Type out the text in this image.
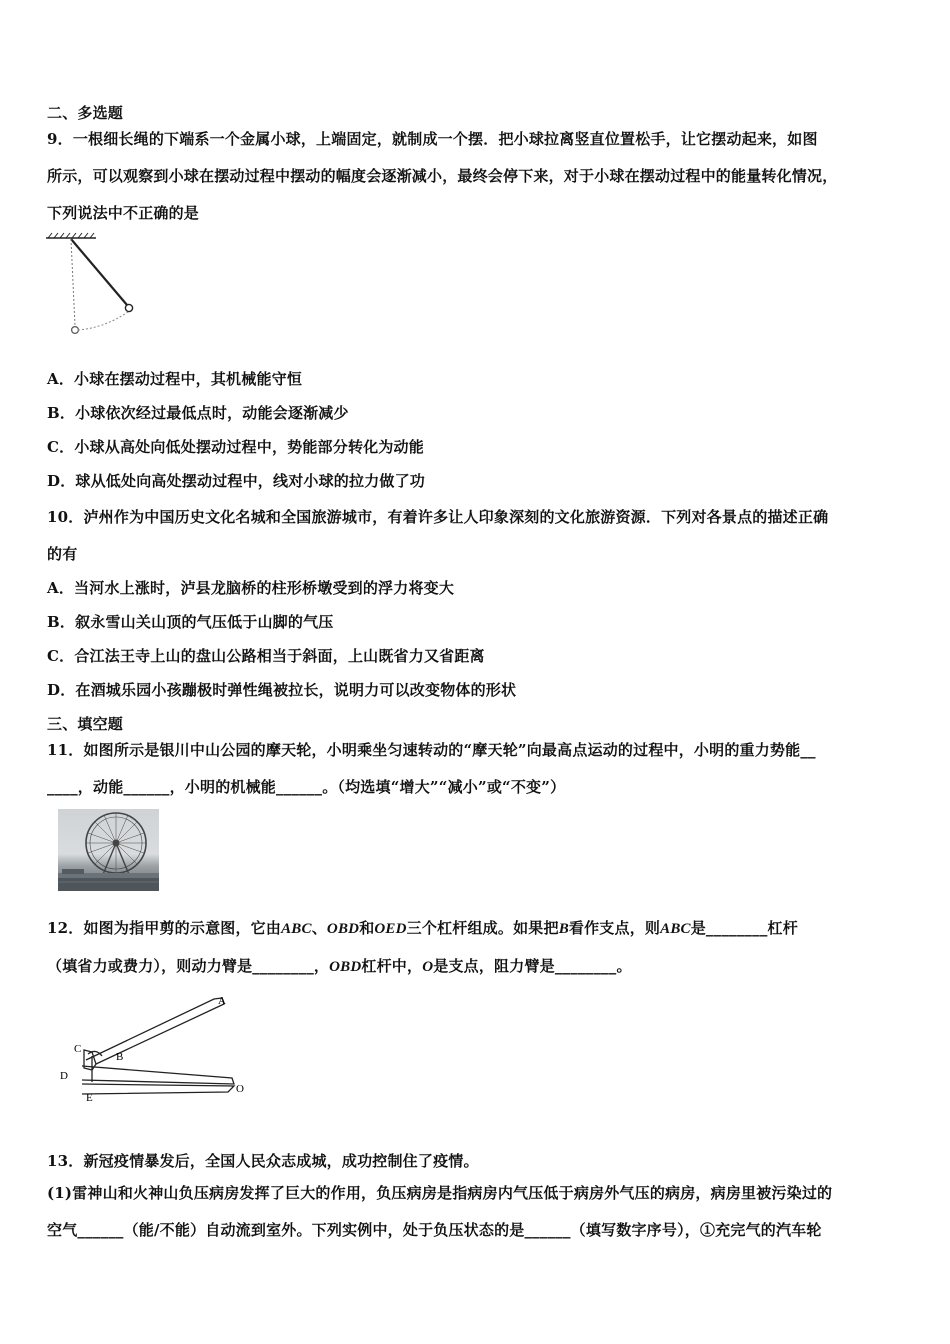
二、多选题
9．一根细长绳的下端系一个金属小球，上端固定，就制成一个摆．把小球拉离竖直位置松手，让它摆动起来，如图
所示，可以观察到小球在摆动过程中摆动的幅度会逐渐减小，最终会停下来，对于小球在摆动过程中的能量转化情况，
下列说法中不正确的是
A．小球在摆动过程中，其机械能守恒
B．小球依次经过最低点时，动能会逐渐减少
C．小球从高处向低处摆动过程中，势能部分转化为动能
D．球从低处向高处摆动过程中，线对小球的拉力做了功
10．泸州作为中国历史文化名城和全国旅游城市，有着许多让人印象深刻的文化旅游资源．下列对各景点的描述正确
的有
A．当河水上涨时，泸县龙脑桥的柱形桥墩受到的浮力将变大
B．叙永雪山关山顶的气压低于山脚的气压
C．合江法王寺上山的盘山公路相当于斜面，上山既省力又省距离
D．在酒城乐园小孩蹦极时弹性绳被拉长，说明力可以改变物体的形状
三、填空题
11．如图所示是银川中山公园的摩天轮，小明乘坐匀速转动的“摩天轮”向最高点运动的过程中，小明的重力势能__
____，动能______，小明的机械能______。（均选填“增大”“减小”或“不变”）
12．如图为指甲剪的示意图，它由ABC、OBD和OED三个杠杆组成。如果把B看作支点，则ABC是________杠杆
（填省力或费力），则动力臂是________，OBD杠杆中，O是支点，阻力臂是________。
A
B
C
D
E
O
13．新冠疫情暴发后，全国人民众志成城，成功控制住了疫情。
(1)雷神山和火神山负压病房发挥了巨大的作用，负压病房是指病房内气压低于病房外气压的病房，病房里被污染过的
空气______（能/不能）自动流到室外。下列实例中，处于负压状态的是______（填写数字序号），①充完气的汽车轮
